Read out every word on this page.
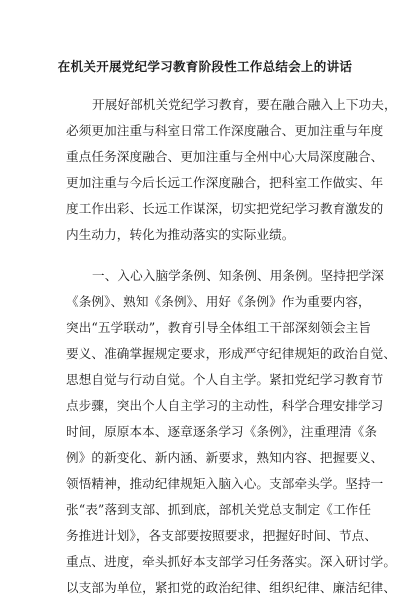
在机关开展党纪学习教育阶段性工作总结会上的讲话
开展好部机关党纪学习教育，要在融合融入上下功夫，
必须更加注重与科室日常工作深度融合、更加注重与年度
重点任务深度融合、更加注重与全州中心大局深度融合、
更加注重与今后长远工作深度融合，把科室工作做实、年
度工作出彩、长远工作谋深，切实把党纪学习教育激发的
内生动力，转化为推动落实的实际业绩。
一、入心入脑学条例、知条例、用条例。坚持把学深
《条例》、熟知《条例》、用好《条例》作为重要内容，
突出“五学联动”，教育引导全体组工干部深刻领会主旨
要义、准确掌握规定要求，形成严守纪律规矩的政治自觉、
思想自觉与行动自觉。个人自主学。紧扣党纪学习教育节
点步骤，突出个人自主学习的主动性，科学合理安排学习
时间，原原本本、逐章逐条学习《条例》，注重理清《条
例》的新变化、新内涵、新要求，熟知内容、把握要义、
领悟精神，推动纪律规矩入脑入心。支部牵头学。坚持一
张“表”落到支部、抓到底，部机关党总支制定《工作任
务推进计划》，各支部要按照要求，把握好时间、节点、
重点、进度，牵头抓好本支部学习任务落实。深入研讨学。
以支部为单位，紧扣党的政治纪律、组织纪律、廉洁纪律、
